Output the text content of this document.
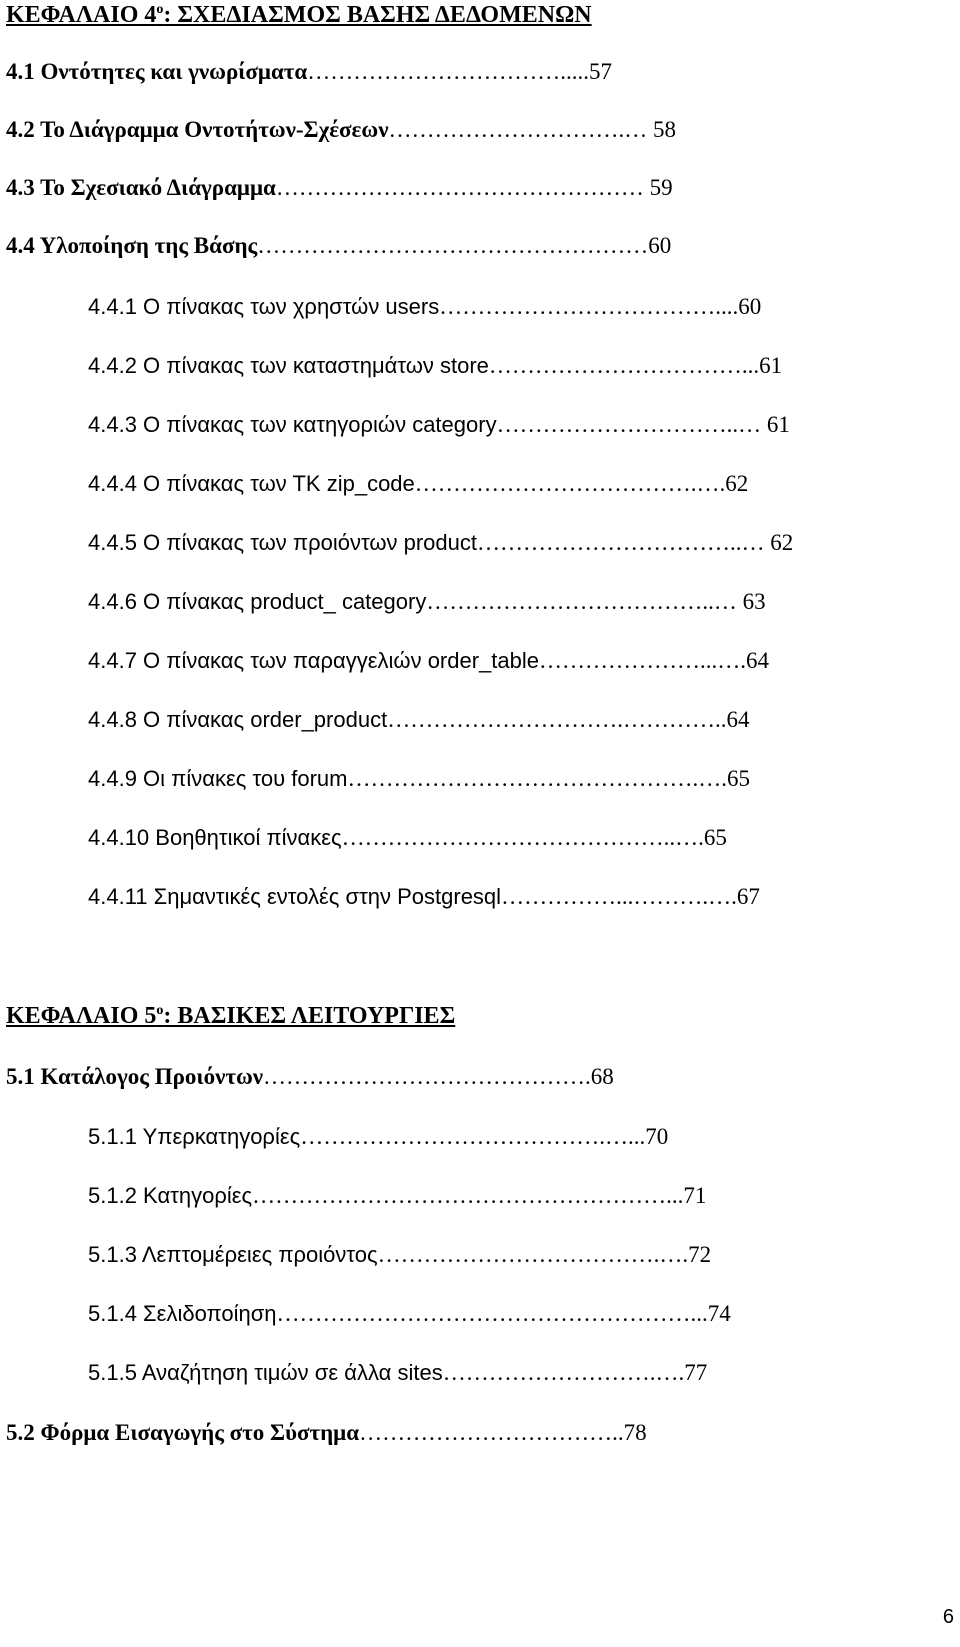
ΚΕΦΑΛΑΙΟ $4^o$: ΣΧΕΔΙΑΣΜΟΣ ΒΑΣΗΣ ΔΕΔΟΜΕΝΩΝ
4.1 Οντότητες και γνωρίσματα…………………………….....57
4.2 Το Διάγραμμα Οντοτήτων-Σχέσεων………………………….… 58
4.3 Το Σχεσιακό Διάγραμμα………………………………………… 59
4.4 Υλοποίηση της Βάσης……………………………………………60
4.4.1 Ο πίνακας των χρηστών users………………………………....60
4.4.2 Ο πίνακας των καταστημάτων store……………………………...61
4.4.3 Ο πίνακας των κατηγοριών category…………………………..… 61
4.4.4 Ο πίνακας των ΤΚ zip_code……………………………….….62
4.4.5 Ο πίνακας των προιόντων product……………………………..… 62
4.4.6 Ο πίνακας product_ category………………………………..… 63
4.4.7 Ο πίνακας των παραγγελιών order_table…………………...….64
4.4.8 Ο πίνακας order_product………………………….…………..64
4.4.9 Οι πίνακες του forum……………………………………….….65
4.4.10 Βοηθητικοί πίνακες……………………………………..….65
4.4.11 Σημαντικές εντολές στην Postgresql……………...……….….67
ΚΕΦΑΛΑΙΟ $5^o$: ΒΑΣΙΚΕΣ ΛΕΙΤΟΥΡΓΙΕΣ
5.1 Κατάλογος Προιόντων…………………………………….68
5.1.1 Υπερκατηγορίες………………………………….…...70
5.1.2 Κατηγορίες………………………………………………...71
5.1.3 Λεπτομέρειες προιόντος……………………………….….72
5.1.4 Σελιδοποίηση………………………………………………...74
5.1.5 Αναζήτηση τιμών σε άλλα sites……………………….….77
5.2 Φόρμα Εισαγωγής στο Σύστημα……………………………..78
6
